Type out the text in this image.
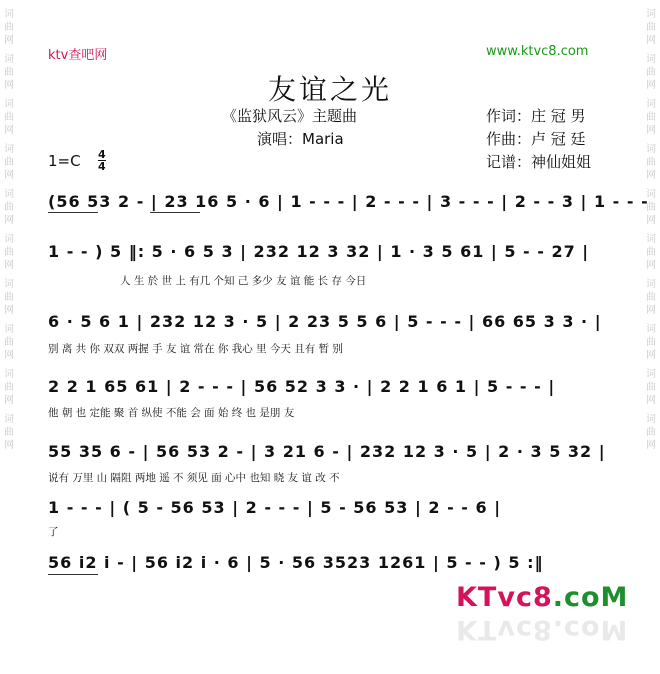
词曲网
词曲网
词曲网
词曲网
词曲网
词曲网
词曲网
词曲网
词曲网
词曲网
词曲网
词曲网
词曲网
词曲网
词曲网
词曲网
词曲网
词曲网
词曲网
词曲网
ktv查吧网	www.ktvc8.com
友谊之光
《监狱风云》主题曲
演唱：Maria
作词：庄 冠 男
作曲：卢 冠 廷
记谱：神仙姐姐
1=C 4
4
(56 53 2 - | 23 16 5 · 6 | 1 - - - | 2 - - - | 3 - - - | 2 - - 3 | 1 - - -
1 - - ) 5 ‖: 5 · 6 5 3 | 232 12 3 32 | 1 · 3 5 61 | 5 - - 27 |
人 生 於 世 上 有几 个知 己 多少 友 谊 能 长 存 今日
6 · 5 6 1 | 232 12 3 · 5 | 2 23 5 5 6 | 5 - - - | 66 65 3 3 · |
别 离 共 你 双双 两握 手 友 谊 常在 你 我心 里 今天 且有 暂 别
2 2 1 65 61 | 2 - - - | 56 52 3 3 · | 2 2 1 6 1 | 5 - - - |
他 朝 也 定能 聚 首 纵使 不能 会 面 始 终 也 是朋 友
55 35 6 - | 56 53 2 - | 3 21 6 - | 232 12 3 · 5 | 2 · 3 5 32 |
说有 万里 山 隔阻 两地 遥 不 须见 面 心中 也知 晓 友 谊 改 不
1 - - - | ( 5 - 56 53 | 2 - - - | 5 - 56 53 | 2 - - 6 |
了
56 i2 i - | 56 i2 i · 6 | 5 · 56 3523 1261 | 5 - - ) 5 :‖
KTvc8.coM
KTvc8.coM
